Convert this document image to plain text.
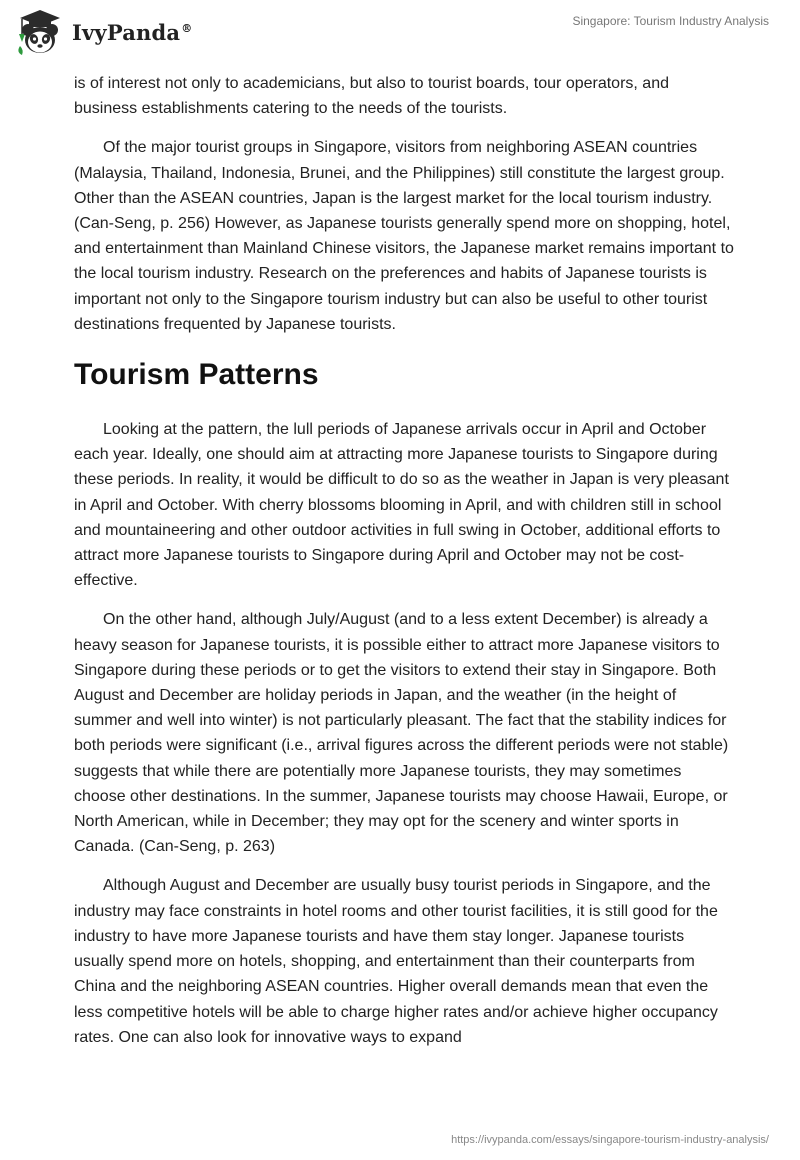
IvyPanda®	Singapore: Tourism Industry Analysis

is of interest not only to academicians, but also to tourist boards, tour operators, and business establishments catering to the needs of the tourists.

Of the major tourist groups in Singapore, visitors from neighboring ASEAN countries (Malaysia, Thailand, Indonesia, Brunei, and the Philippines) still constitute the largest group. Other than the ASEAN countries, Japan is the largest market for the local tourism industry. (Can-Seng, p. 256) However, as Japanese tourists generally spend more on shopping, hotel, and entertainment than Mainland Chinese visitors, the Japanese market remains important to the local tourism industry. Research on the preferences and habits of Japanese tourists is important not only to the Singapore tourism industry but can also be useful to other tourist destinations frequented by Japanese tourists.

Tourism Patterns

Looking at the pattern, the lull periods of Japanese arrivals occur in April and October each year. Ideally, one should aim at attracting more Japanese tourists to Singapore during these periods. In reality, it would be difficult to do so as the weather in Japan is very pleasant in April and October. With cherry blossoms blooming in April, and with children still in school and mountaineering and other outdoor activities in full swing in October, additional efforts to attract more Japanese tourists to Singapore during April and October may not be cost-effective.

On the other hand, although July/August (and to a less extent December) is already a heavy season for Japanese tourists, it is possible either to attract more Japanese visitors to Singapore during these periods or to get the visitors to extend their stay in Singapore. Both August and December are holiday periods in Japan, and the weather (in the height of summer and well into winter) is not particularly pleasant. The fact that the stability indices for both periods were significant (i.e., arrival figures across the different periods were not stable) suggests that while there are potentially more Japanese tourists, they may sometimes choose other destinations. In the summer, Japanese tourists may choose Hawaii, Europe, or North American, while in December; they may opt for the scenery and winter sports in Canada. (Can-Seng, p. 263)

Although August and December are usually busy tourist periods in Singapore, and the industry may face constraints in hotel rooms and other tourist facilities, it is still good for the industry to have more Japanese tourists and have them stay longer. Japanese tourists usually spend more on hotels, shopping, and entertainment than their counterparts from China and the neighboring ASEAN countries. Higher overall demands mean that even the less competitive hotels will be able to charge higher rates and/or achieve higher occupancy rates. One can also look for innovative ways to expand

https://ivypanda.com/essays/singapore-tourism-industry-analysis/
